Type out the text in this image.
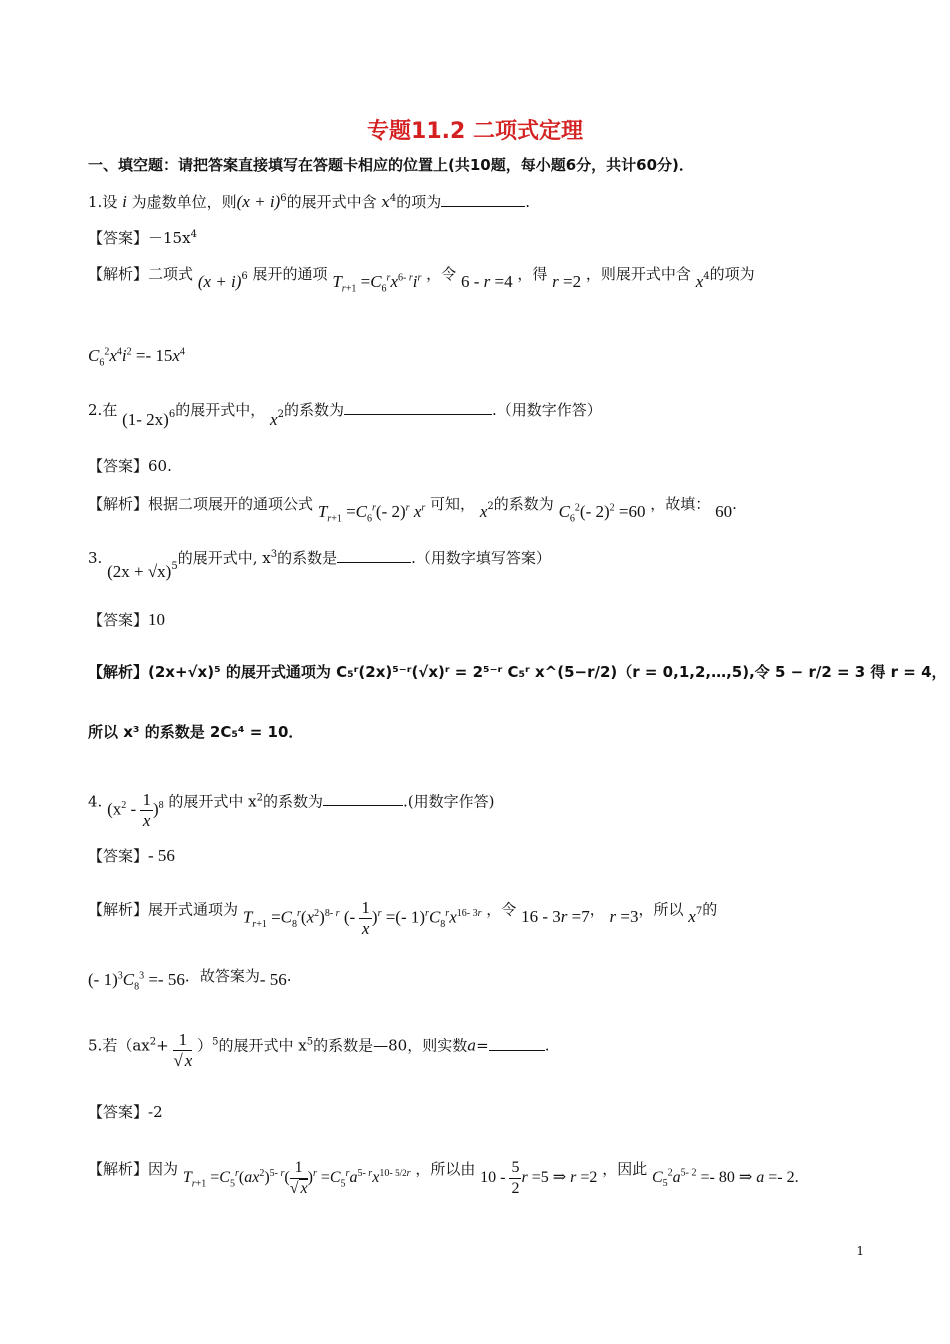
专题11.2 二项式定理
一、填空题：请把答案直接填写在答题卡相应的位置上(共10题，每小题6分，共计60分)．
1.设 i 为虚数单位，则$(x + i)^6$的展开式中含 $x^4$的项为	.
【答案】$-15x^4$
【解析】二项式 $(x + i)^6$ 展开的通项 $T_{r+1} =C_6^rx^{6- r}i^r$ ，令 6 - r =4 ，得 r =2 ，则展开式中含 $x^4$的项为
$C_6^2x^4i^2 =- 15x^4$
2.在 (1- 2x)$^6$的展开式中， $x^2$的系数为	.（用数字作答）
【答案】60.
【解析】根据二项展开的通项公式 $T_{r+1} =C_6^r(-$ 2)$^r$ $x^r$ 可知， $x^2$的系数为 $C_6^2(-$ 2)$^2$ =60 ，故填： 60.
3. $(2x + √x)^5$的展开式中, $x^3$的系数是	.（用数字填写答案）
【答案】10
【解析】(2x+√x)⁵ 的展开式通项为 C₅ʳ(2x)⁵⁻ʳ(√x)ʳ = 2⁵⁻ʳ C₅ʳ x^(5−r/2)（r = 0,1,2,…,5),令 5 − r/2 = 3 得 r = 4，
所以 x³ 的系数是 2C₅⁴ = 10．
4. $(x^2 - \frac{1}{x} )^8$ 的展开式中 $x^2$的系数为	.(用数字作答)
【答案】- 56
【解析】展开式通项为 $T_{r+1} =C_8^r(x^2)^{8- r}$ (- $\frac{1}{x} )^r$ =(- $1)^rC_8^rx^{16- 3r}$ ，令 16 - 3r =7， r =3，所以 $x^7$的
(- $1)^3C_8^3 =- 56$．故答案为- 56.
5.若$(ax^2+ \frac{1}{√ x} )^5$的展开式中 $x^5$的系数是—80，则实数a=	.
【答案】-2
【解析】因为 $T_{r+1} =C_5^r(ax^2)^{5- r}( \frac{1}{√ x} )^r =C_5^ra^{5- r}x^{10- 5/2r}$ ，所以由 $10 - \frac{5}{2}$ r =5 ⇒ r =2 ，因此 $C_5^2a^{5- 2} =- 80$ ⇒ a =- 2.
1
